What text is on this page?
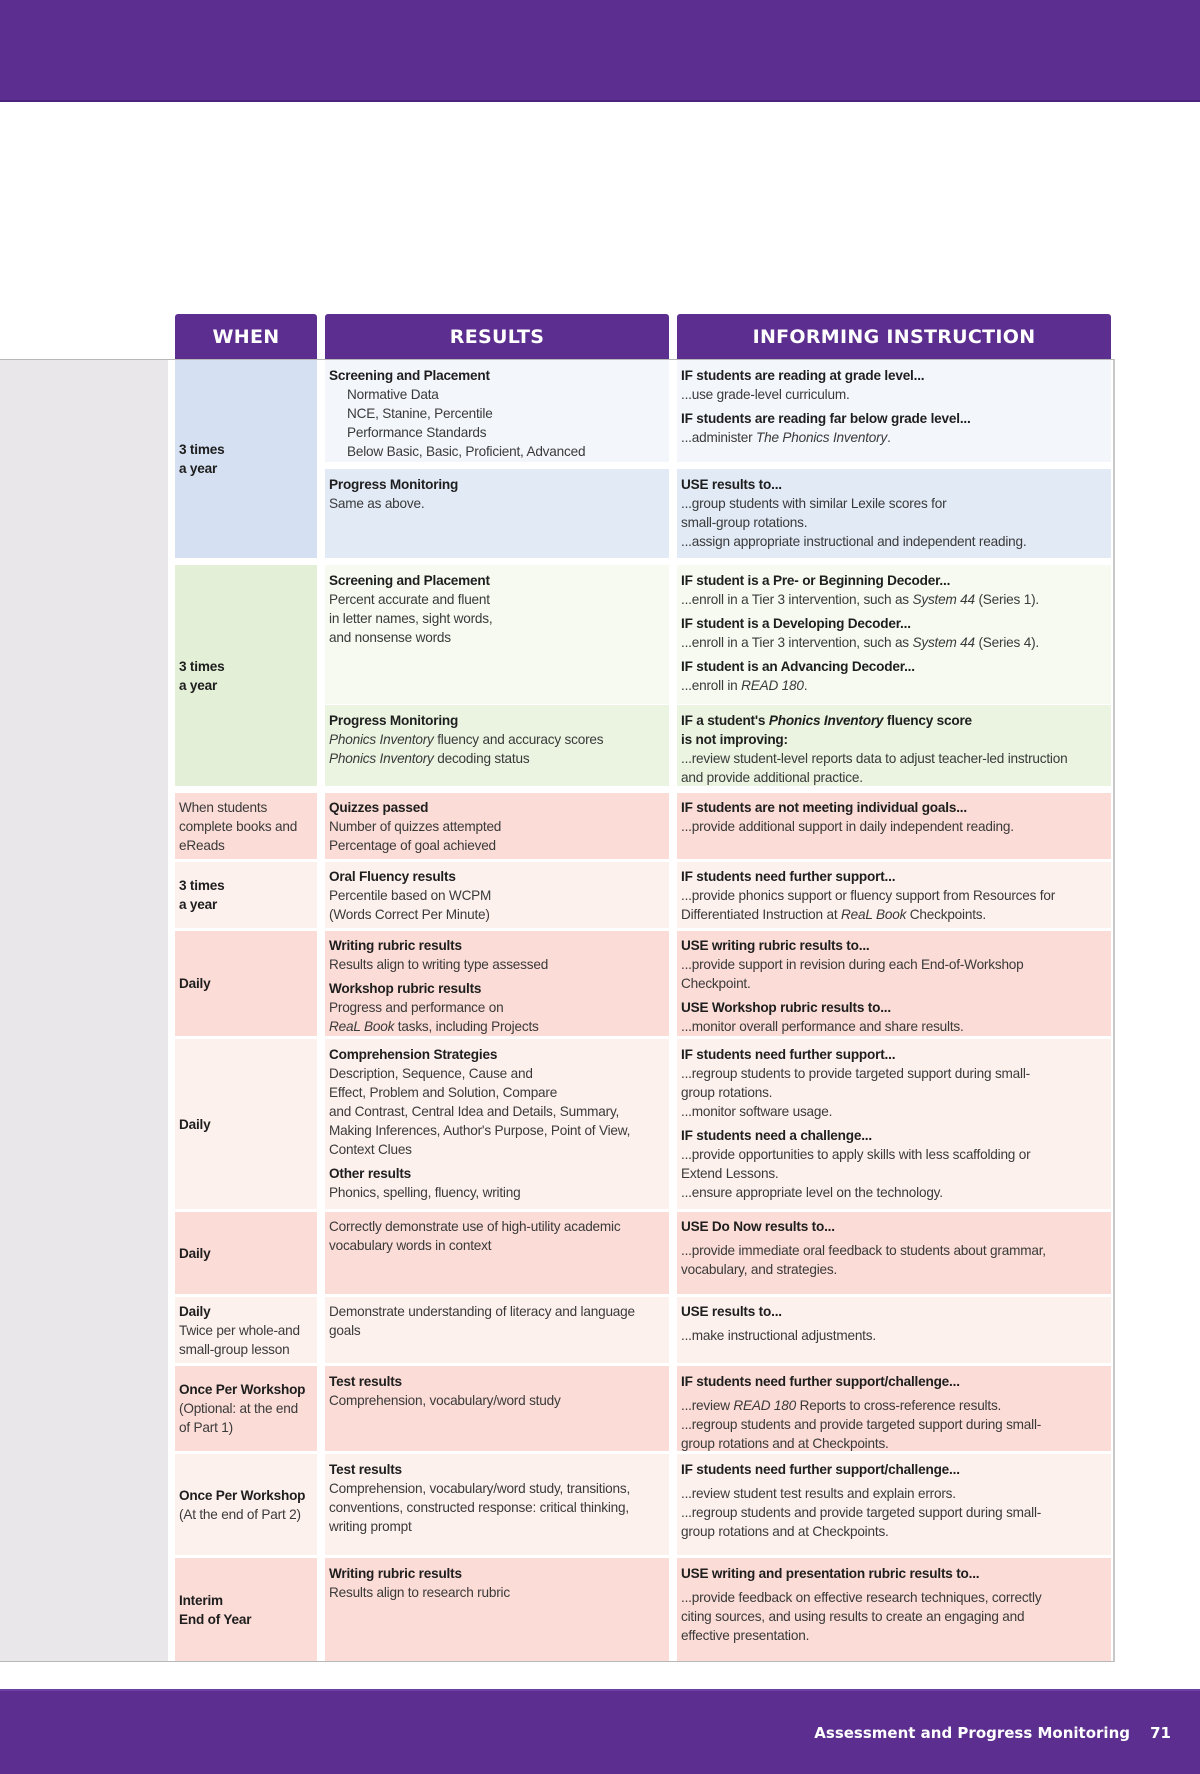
WHEN	RESULTS	INFORMING INSTRUCTION
3 times
a year
Screening and Placement
Normative Data
NCE, Stanine, Percentile
Performance Standards
Below Basic, Basic, Proficient, Advanced
Progress Monitoring
Same as above.
IF students are reading at grade level...
...use grade-level curriculum.
IF students are reading far below grade level...
...administer The Phonics Inventory.
USE results to...
...group students with similar Lexile scores for
small-group rotations.
...assign appropriate instructional and independent reading.
3 times
a year
Screening and Placement
Percent accurate and fluent
in letter names, sight words,
and nonsense words
Progress Monitoring
Phonics Inventory fluency and accuracy scores
Phonics Inventory decoding status
IF student is a Pre- or Beginning Decoder...
...enroll in a Tier 3 intervention, such as System 44 (Series 1).
IF student is a Developing Decoder...
...enroll in a Tier 3 intervention, such as System 44 (Series 4).
IF student is an Advancing Decoder...
...enroll in READ 180.
IF a student's Phonics Inventory fluency score
is not improving:
...review student-level reports data to adjust teacher-led instruction
and provide additional practice.
When students
complete books and
eReads
Quizzes passed
Number of quizzes attempted
Percentage of goal achieved
IF students are not meeting individual goals...
...provide additional support in daily independent reading.
3 times
a year
Oral Fluency results
Percentile based on WCPM
(Words Correct Per Minute)
IF students need further support...
...provide phonics support or fluency support from Resources for
Differentiated Instruction at ReaL Book Checkpoints.
Daily
Writing rubric results
Results align to writing type assessed
Workshop rubric results
Progress and performance on
ReaL Book tasks, including Projects
USE writing rubric results to...
...provide support in revision during each End-of-Workshop
Checkpoint.
USE Workshop rubric results to...
...monitor overall performance and share results.
Daily
Comprehension Strategies
Description, Sequence, Cause and
Effect, Problem and Solution, Compare
and Contrast, Central Idea and Details, Summary,
Making Inferences, Author's Purpose, Point of View,
Context Clues
Other results
Phonics, spelling, fluency, writing
IF students need further support...
...regroup students to provide targeted support during small-
group rotations.
...monitor software usage.
IF students need a challenge...
...provide opportunities to apply skills with less scaffolding or
Extend Lessons.
...ensure appropriate level on the technology.
Daily
Correctly demonstrate use of high-utility academic
vocabulary words in context
USE Do Now results to...
...provide immediate oral feedback to students about grammar,
vocabulary, and strategies.
Daily
Twice per whole-and
small-group lesson
Demonstrate understanding of literacy and language
goals
USE results to...
...make instructional adjustments.
Once Per Workshop
(Optional: at the end
of Part 1)
Test results
Comprehension, vocabulary/word study
IF students need further support/challenge...
...review READ 180 Reports to cross-reference results.
...regroup students and provide targeted support during small-
group rotations and at Checkpoints.
Once Per Workshop
(At the end of Part 2)
Test results
Comprehension, vocabulary/word study, transitions,
conventions, constructed response: critical thinking,
writing prompt
IF students need further support/challenge...
...review student test results and explain errors.
...regroup students and provide targeted support during small-
group rotations and at Checkpoints.
Interim
End of Year
Writing rubric results
Results align to research rubric
USE writing and presentation rubric results to...
...provide feedback on effective research techniques, correctly
citing sources, and using results to create an engaging and
effective presentation.
Assessment and Progress Monitoring 71
